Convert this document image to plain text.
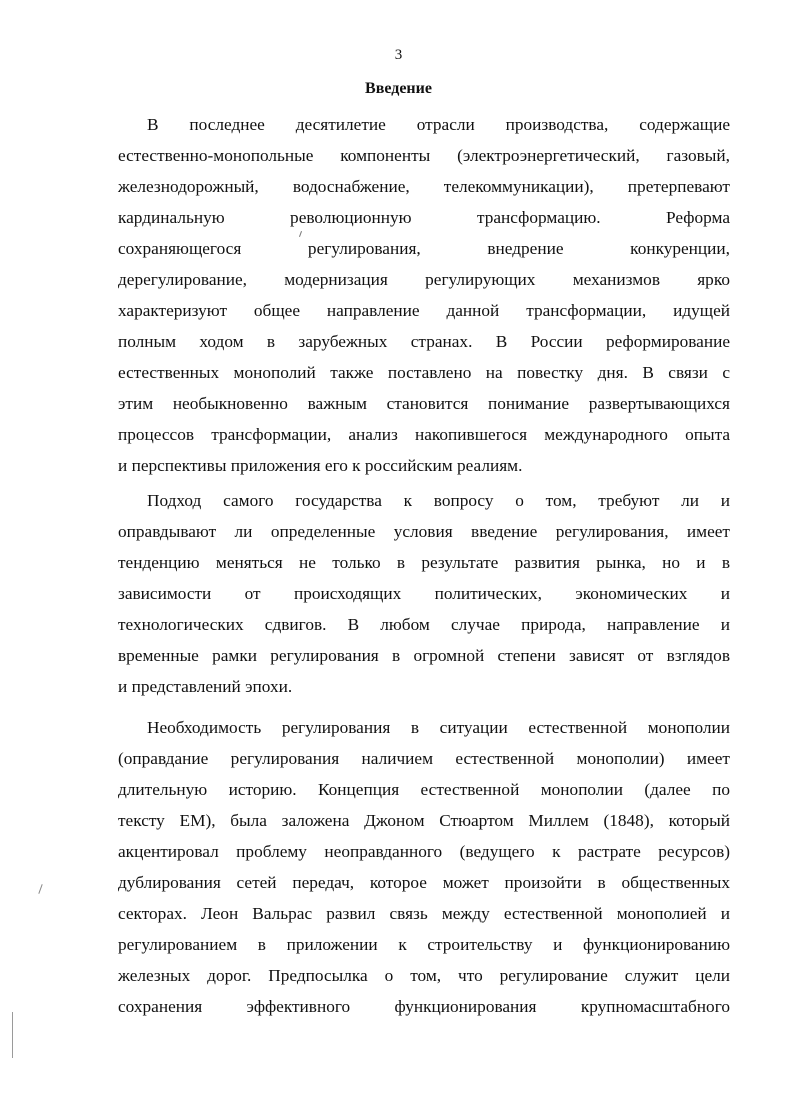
3
Введение
В последнее десятилетие отрасли производства, содержащие
естественно-монопольные компоненты (электроэнергетический, газовый,
железнодорожный, водоснабжение, телекоммуникации), претерпевают
кардинальную революционную трансформацию. Реформа
сохраняющегося регулирования, внедрение конкуренции,
дерегулирование, модернизация регулирующих механизмов ярко
характеризуют общее направление данной трансформации, идущей
полным ходом в зарубежных странах. В России реформирование
естественных монополий также поставлено на повестку дня. В связи с
этим необыкновенно важным становится понимание развертывающихся
процессов трансформации, анализ накопившегося международного опыта
и перспективы приложения его к российским реалиям.
Подход самого государства к вопросу о том, требуют ли и
оправдывают ли определенные условия введение регулирования, имеет
тенденцию меняться не только в результате развития рынка, но и в
зависимости от происходящих политических, экономических и
технологических сдвигов. В любом случае природа, направление и
временные рамки регулирования в огромной степени зависят от взглядов
и представлений эпохи.
Необходимость регулирования в ситуации естественной монополии
(оправдание регулирования наличием естественной монополии) имеет
длительную историю. Концепция естественной монополии (далее по
тексту ЕМ), была заложена Джоном Стюартом Миллем (1848), который
акцентировал проблему неоправданного (ведущего к растрате ресурсов)
дублирования сетей передач, которое может произойти в общественных
секторах. Леон Вальрас развил связь между естественной монополией и
регулированием в приложении к строительству и функционированию
железных дорог. Предпосылка о том, что регулирование служит цели
сохранения эффективного функционирования крупномасштабного
